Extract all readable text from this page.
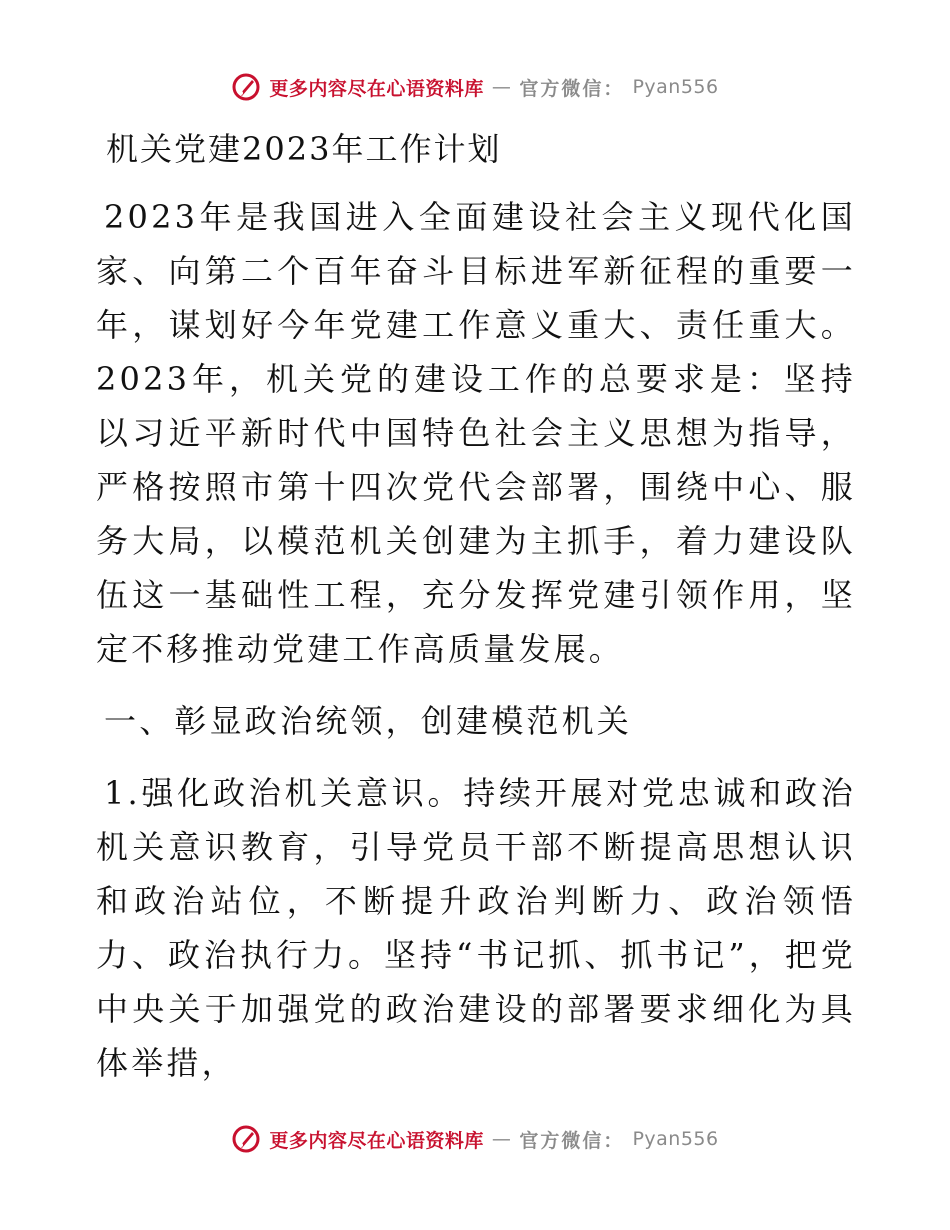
更多内容尽在心语资料库 — 官方微信： Pyan556
机关党建2023年工作计划

2023年是我国进入全面建设社会主义现代化国家、向第二个百年奋斗目标进军新征程的重要一年，谋划好今年党建工作意义重大、责任重大。2023年，机关党的建设工作的总要求是：坚持以习近平新时代中国特色社会主义思想为指导，严格按照市第十四次党代会部署，围绕中心、服务大局，以模范机关创建为主抓手，着力建设队伍这一基础性工程，充分发挥党建引领作用，坚定不移推动党建工作高质量发展。

一、彰显政治统领，创建模范机关

1.强化政治机关意识。持续开展对党忠诚和政治机关意识教育，引导党员干部不断提高思想认识和政治站位，不断提升政治判断力、政治领悟力、政治执行力。坚持“书记抓、抓书记”，把党中央关于加强党的政治建设的部署要求细化为具体举措，

更多内容尽在心语资料库 — 官方微信： Pyan556
